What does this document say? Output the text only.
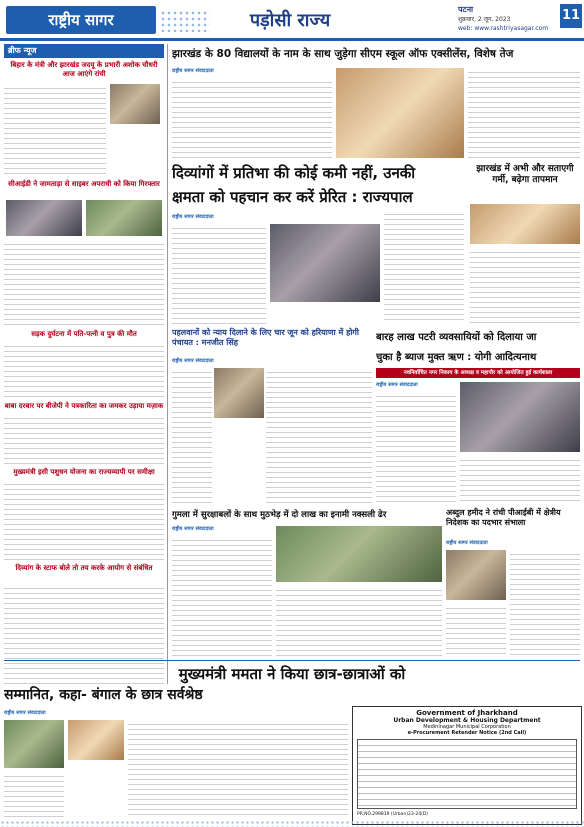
राष्ट्रीय सागर	पड़ोसी राज्य
पटना
शुक्रवार, 2 जून, 2023
web: www.rashtriyasagar.com
11
ब्रीफ न्यूज
बिहार के मंत्री और झारखंड जदयू के प्रभारी अशोक चौधरी आज आएंगे रांची
सीआईडी ने जामताड़ा से साइबर अपराधी को किया गिरफ्तार
सड़क दुर्घटना में पति-पत्नी व पुत्र की मौत
बाबा दरबार पर बीजेपी ने पत्रकारिता का जमकर उड़ाया मज़ाक
मुख्यमंत्री इसी पशुधन योजना का राज्यव्यापी पर समीक्षा
दिव्यांग के स्टाफ बोले तो तय करके आयोग से संबंधित
झारखंड के 80 विद्यालयों के नाम के साथ जुड़ेगा सीएम स्कूल ऑफ एक्सीलेंस, विशेष तेज
राष्ट्रीय सागर संवाददाता
दिव्यांगों में प्रतिभा की कोई कमी नहीं, उनकी
क्षमता को पहचान कर करें प्रेरित : राज्यपाल
राष्ट्रीय सागर संवाददाता
झारखंड में अभी और सताएगी गर्मी, बढ़ेगा तापमान
पहलवानों को न्याय दिलाने के लिए चार जून को हरियाणा में होगी पंचायत : मनजीत सिंह
राष्ट्रीय सागर संवाददाता
बारह लाख पटरी व्यवसायियों को दिलाया जा
चुका है ब्याज मुक्त ऋण : योगी आदित्यनाथ
नवनिर्वाचित नगर निकाय के अध्यक्ष व महापौर को आयोजित हुई कार्यशाला
राष्ट्रीय सागर संवाददाता
गुमला में सुरक्षाबलों के साथ मुठभेड़ में दो लाख का इनामी नक्सली ढेर
राष्ट्रीय सागर संवाददाता
अब्दुल हमीद ने रांची पीआईबी में क्षेत्रीय निदेशक का पदभार संभाला
राष्ट्रीय सागर संवाददाता
मुख्यमंत्री ममता ने किया छात्र-छात्राओं को
सम्मानित, कहा- बंगाल के छात्र सर्वश्रेष्ठ
राष्ट्रीय सागर संवाददाता	Government of Jharkhand
Urban Development & Housing Department
Medininagar Municipal Corporation
e-Procurement Retender Notice (2nd Call)
PR.NO.299819 (Urban)23-24(D)
